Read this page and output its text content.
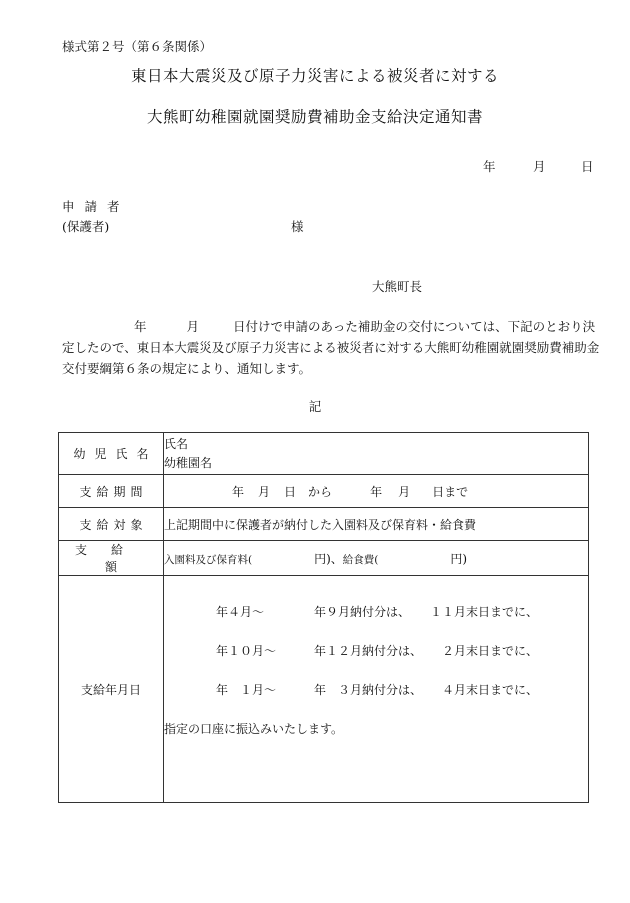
様式第２号（第６条関係）
東日本大震災及び原子力災害による被災者に対する
大熊町幼稚園就園奨励費補助金支給決定通知書
年	月	日
申請者
(保護者)	様
大熊町長
年	月	日付けで申請のあった補助金の交付については、下記のとおり決
定したので、東日本大震災及び原子力災害による被災者に対する大熊町幼稚園就園奨励費補助金
交付要綱第６条の規定により、通知します。
記
幼児氏名	氏名
幼稚園名

支給期間	年 月 日 から 年 月 日まで
支給対象	上記期間中に保護者が納付した入園料及び保育料・給食費
支給額	入園料及び保育料( 円)、給食費( 円)
支給年月日	年４月～ 年９月納付分は、 １１月末日までに、
年１０月～ 年１２月納付分は、 ２月末日までに、
年　１月～ 年　３月納付分は、 ４月末日までに、
指定の口座に振込みいたします。
